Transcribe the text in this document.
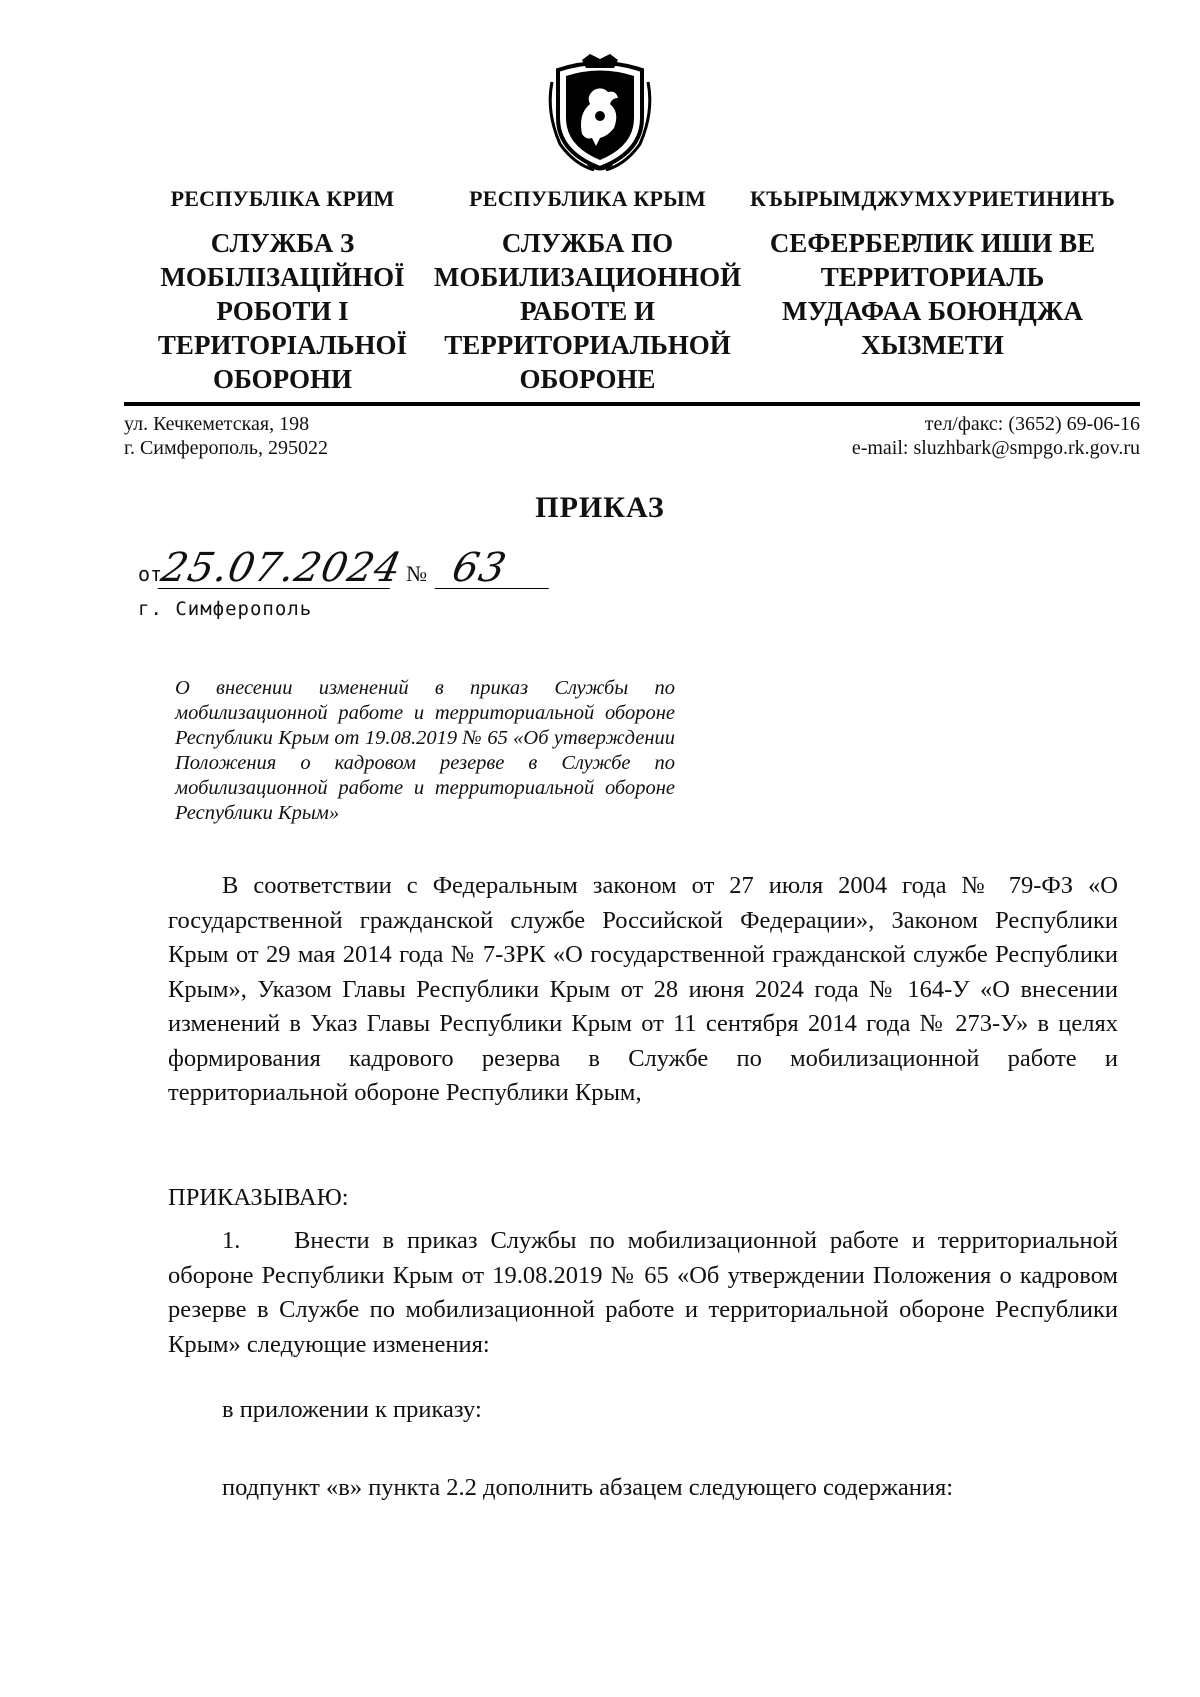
РЕСПУБЛІКА КРИМ
СЛУЖБА З
МОБІЛІЗАЦІЙНОЇ
РОБОТИ І
ТЕРИТОРІАЛЬНОЇ
ОБОРОНИ
РЕСПУБЛИКА КРЫМ
СЛУЖБА ПО
МОБИЛИЗАЦИОННОЙ
РАБОТЕ И
ТЕРРИТОРИАЛЬНОЙ
ОБОРОНЕ
КЪЫРЫМДЖУМХУРИЕТИНИНЪ
СЕФЕРБЕРЛИК ИШИ ВЕ
ТЕРРИТОРИАЛЬ
МУДАФАА БОЮНДЖА
ХЫЗМЕТИ
ул. Кечкеметская, 198
г. Симферополь, 295022
тел/факс: (3652) 69-06-16
e-mail: sluzhbark@smpgo.rk.gov.ru
ПРИКАЗ
от25.07.2024№ 63
г. Симферополь
О внесении изменений в приказ Службы по мобилизационной работе и территориальной обороне Республики Крым от 19.08.2019 № 65 «Об утверждении Положения о кадровом резерве в Службе по мобилизационной работе и территориальной обороне Республики Крым»
В соответствии с Федеральным законом от 27 июля 2004 года № 79-ФЗ «О государственной гражданской службе Российской Федерации», Законом Республики Крым от 29 мая 2014 года № 7-ЗРК «О государственной гражданской службе Республики Крым», Указом Главы Республики Крым от 28 июня 2024 года № 164-У «О внесении изменений в Указ Главы Республики Крым от 11 сентября 2014 года № 273-У» в целях формирования кадрового резерва в Службе по мобилизационной работе и территориальной обороне Республики Крым,
ПРИКАЗЫВАЮ:
1. Внести в приказ Службы по мобилизационной работе и территориальной обороне Республики Крым от 19.08.2019 № 65 «Об утверждении Положения о кадровом резерве в Службе по мобилизационной работе и территориальной обороне Республики Крым» следующие изменения:
в приложении к приказу:
подпункт «в» пункта 2.2 дополнить абзацем следующего содержания:
